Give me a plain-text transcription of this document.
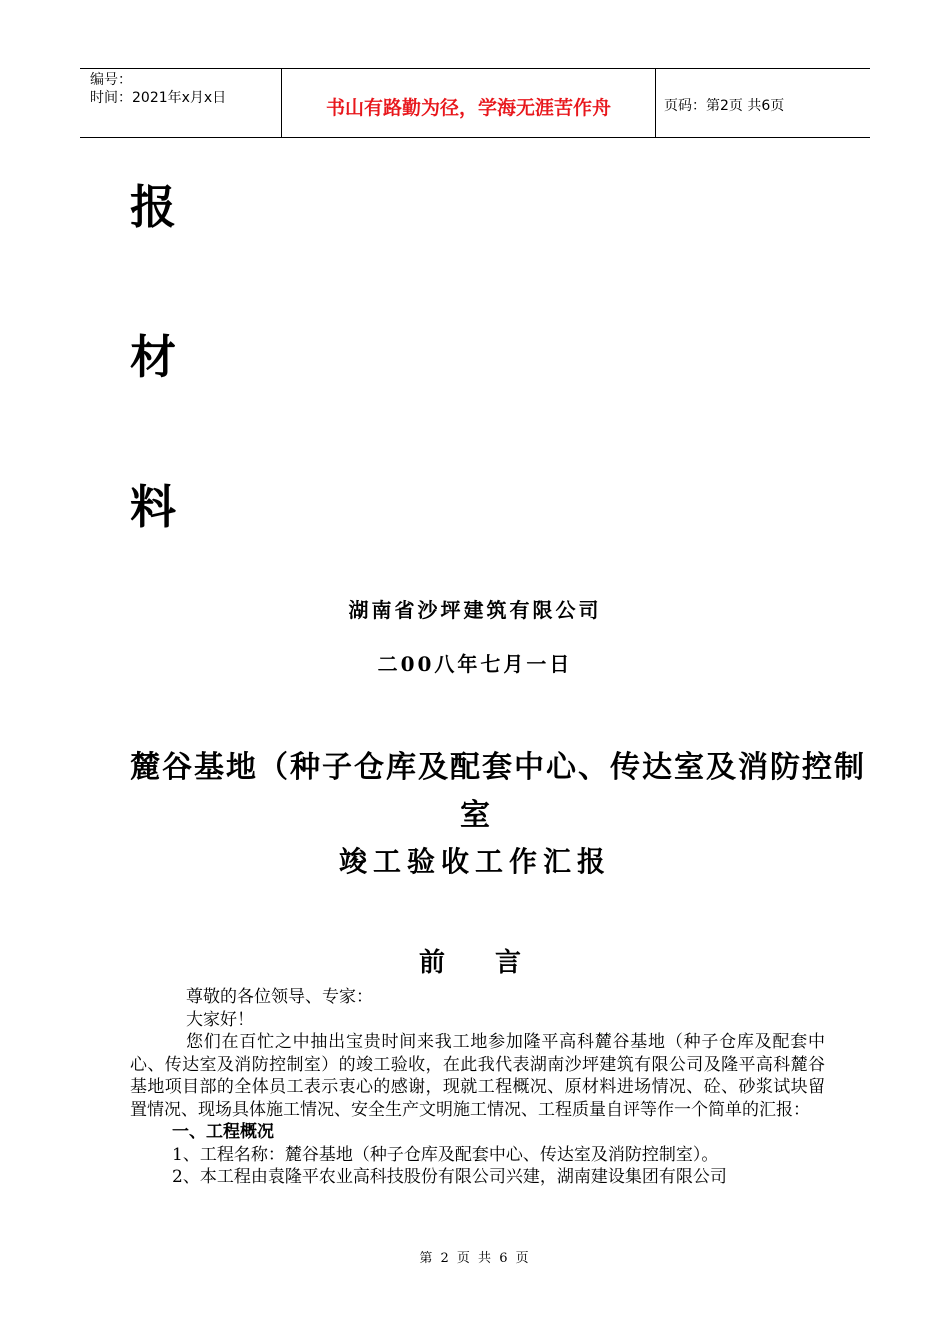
编号：
时间：2021年x月x日	书山有路勤为径，学海无涯苦作舟	页码：第2页 共6页
报
材
料
湖南省沙坪建筑有限公司
二00八年七月一日
麓谷基地（种子仓库及配套中心、传达室及消防控制
室
竣工验收工作汇报
前言

尊敬的各位领导、专家：

大家好！

您们在百忙之中抽出宝贵时间来我工地参加隆平高科麓谷基地（种子仓库及配套中心、传达室及消防控制室）的竣工验收，在此我代表湖南沙坪建筑有限公司及隆平高科麓谷基地项目部的全体员工表示衷心的感谢，现就工程概况、原材料进场情况、砼、砂浆试块留置情况、现场具体施工情况、安全生产文明施工情况、工程质量自评等作一个简单的汇报：

一、工程概况

1、工程名称：麓谷基地（种子仓库及配套中心、传达室及消防控制室）。

2、本工程由袁隆平农业高科技股份有限公司兴建，湖南建设集团有限公司

第 2 页 共 6 页
